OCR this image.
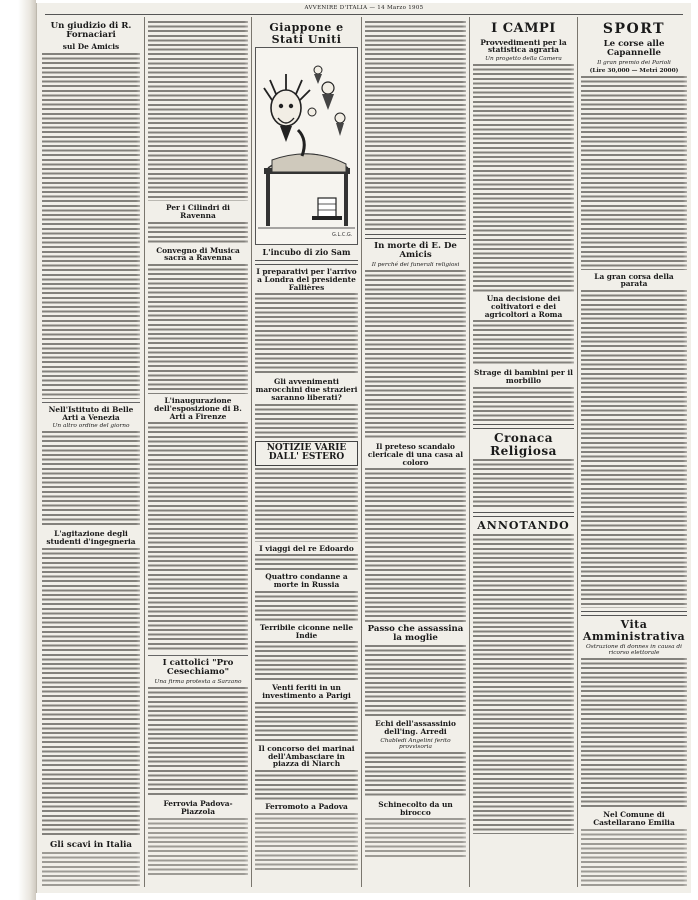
AVVENIRE D'ITALIA — 14 Marzo 1905
Un giudizio di R. Fornaciari
sul De Amicis
Nell'Istituto di Belle Arti a Venezia
Un altro ordine del giorno
L'agitazione degli studenti d'ingegneria
Gli scavi in Italia
Per i Cilindri di Ravenna
Convegno di Musica sacra a Ravenna
L'inaugurazione dell'esposizione di B. Arti a Firenze
I cattolici "Pro Cesechiamo"
Una firma protesta a Sarzano
Ferrovia Padova-Piazzola
Giappone e Stati Uniti
G.L.C.G.
L'incubo di zio Sam
I preparativi per l'arrivo a Londra del presidente Fallières
Gli avvenimenti marocchini due strazieri saranno liberati?
NOTIZIE VARIE DALL' ESTERO
I viaggi del re Edoardo
Quattro condanne a morte in Russia
Terribile ciconne nelle Indie
Venti feriti in un investimento a Parigi
Il concorso dei marinai dell'Ambasciare in piazza di Niarch
Ferromoto a Padova
In morte di E. De Amicis
Il perché dei funerali religiosi
Il preteso scandalo clericale di una casa al coloro
Passo che assassina la moglie
Echi dell'assassinio dell'ing. Arredi
Chabledi Angelini ferito provvisoria
Schinecolto da un birocco
I CAMPI
Provvedimenti per la statistica agraria
Un progetto della Camera
Una decisione dei coltivatori e dei agricoltori a Roma
Strage di bambini per il morbillo
Cronaca Religiosa
ANNOTANDO
SPORT
Le corse alle Capannelle
Il gran premio dei Parioli
(Lire 30,000 — Metri 2000)
La gran corsa della parata
Vita Amministrativa
Ostruzione di donnes in causa di ricorso elettorale
Nel Comune di Castellarano Emilia
